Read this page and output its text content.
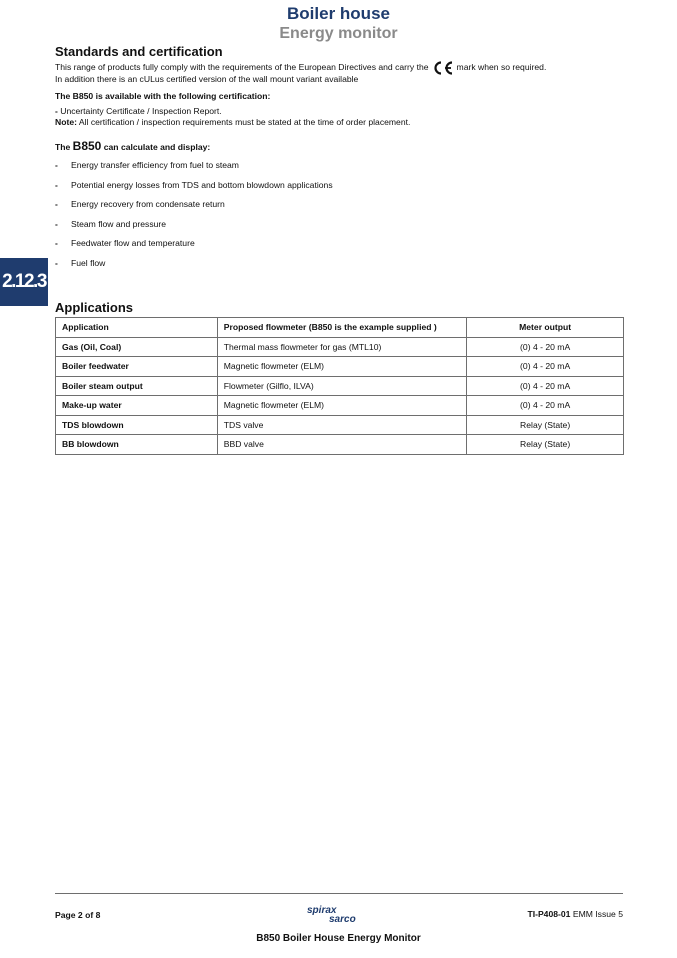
Boiler house
Energy monitor
2.12.3
Standards and certification
This range of products fully comply with the requirements of the European Directives and carry the	mark when so required.
In addition there is an cULus certified version of the wall mount variant available
The B850 is available with the following certification:
- Uncertainty Certificate / Inspection Report.
Note: All certification / inspection requirements must be stated at the time of order placement.
The B850 can calculate and display:
- Energy transfer efficiency from fuel to steam
- Potential energy losses from TDS and bottom blowdown applications
- Energy recovery from condensate return
- Steam flow and pressure
- Feedwater flow and temperature
- Fuel flow
Applications
Application	Proposed flowmeter (B850 is the example supplied )	Meter output
Gas (Oil, Coal)	Thermal mass flowmeter for gas (MTL10)	(0) 4 - 20 mA
Boiler feedwater	Magnetic flowmeter (ELM)	(0) 4 - 20 mA
Boiler steam output	Flowmeter (Gilflo, ILVA)	(0) 4 - 20 mA
Make-up water	Magnetic flowmeter (ELM)	(0) 4 - 20 mA
TDS blowdown	TDS valve	Relay (State)
BB blowdown	BBD valve	Relay (State)
Page 2 of 8	spirax
sarco	TI-P408-01 EMM Issue 5
B850 Boiler House Energy Monitor
